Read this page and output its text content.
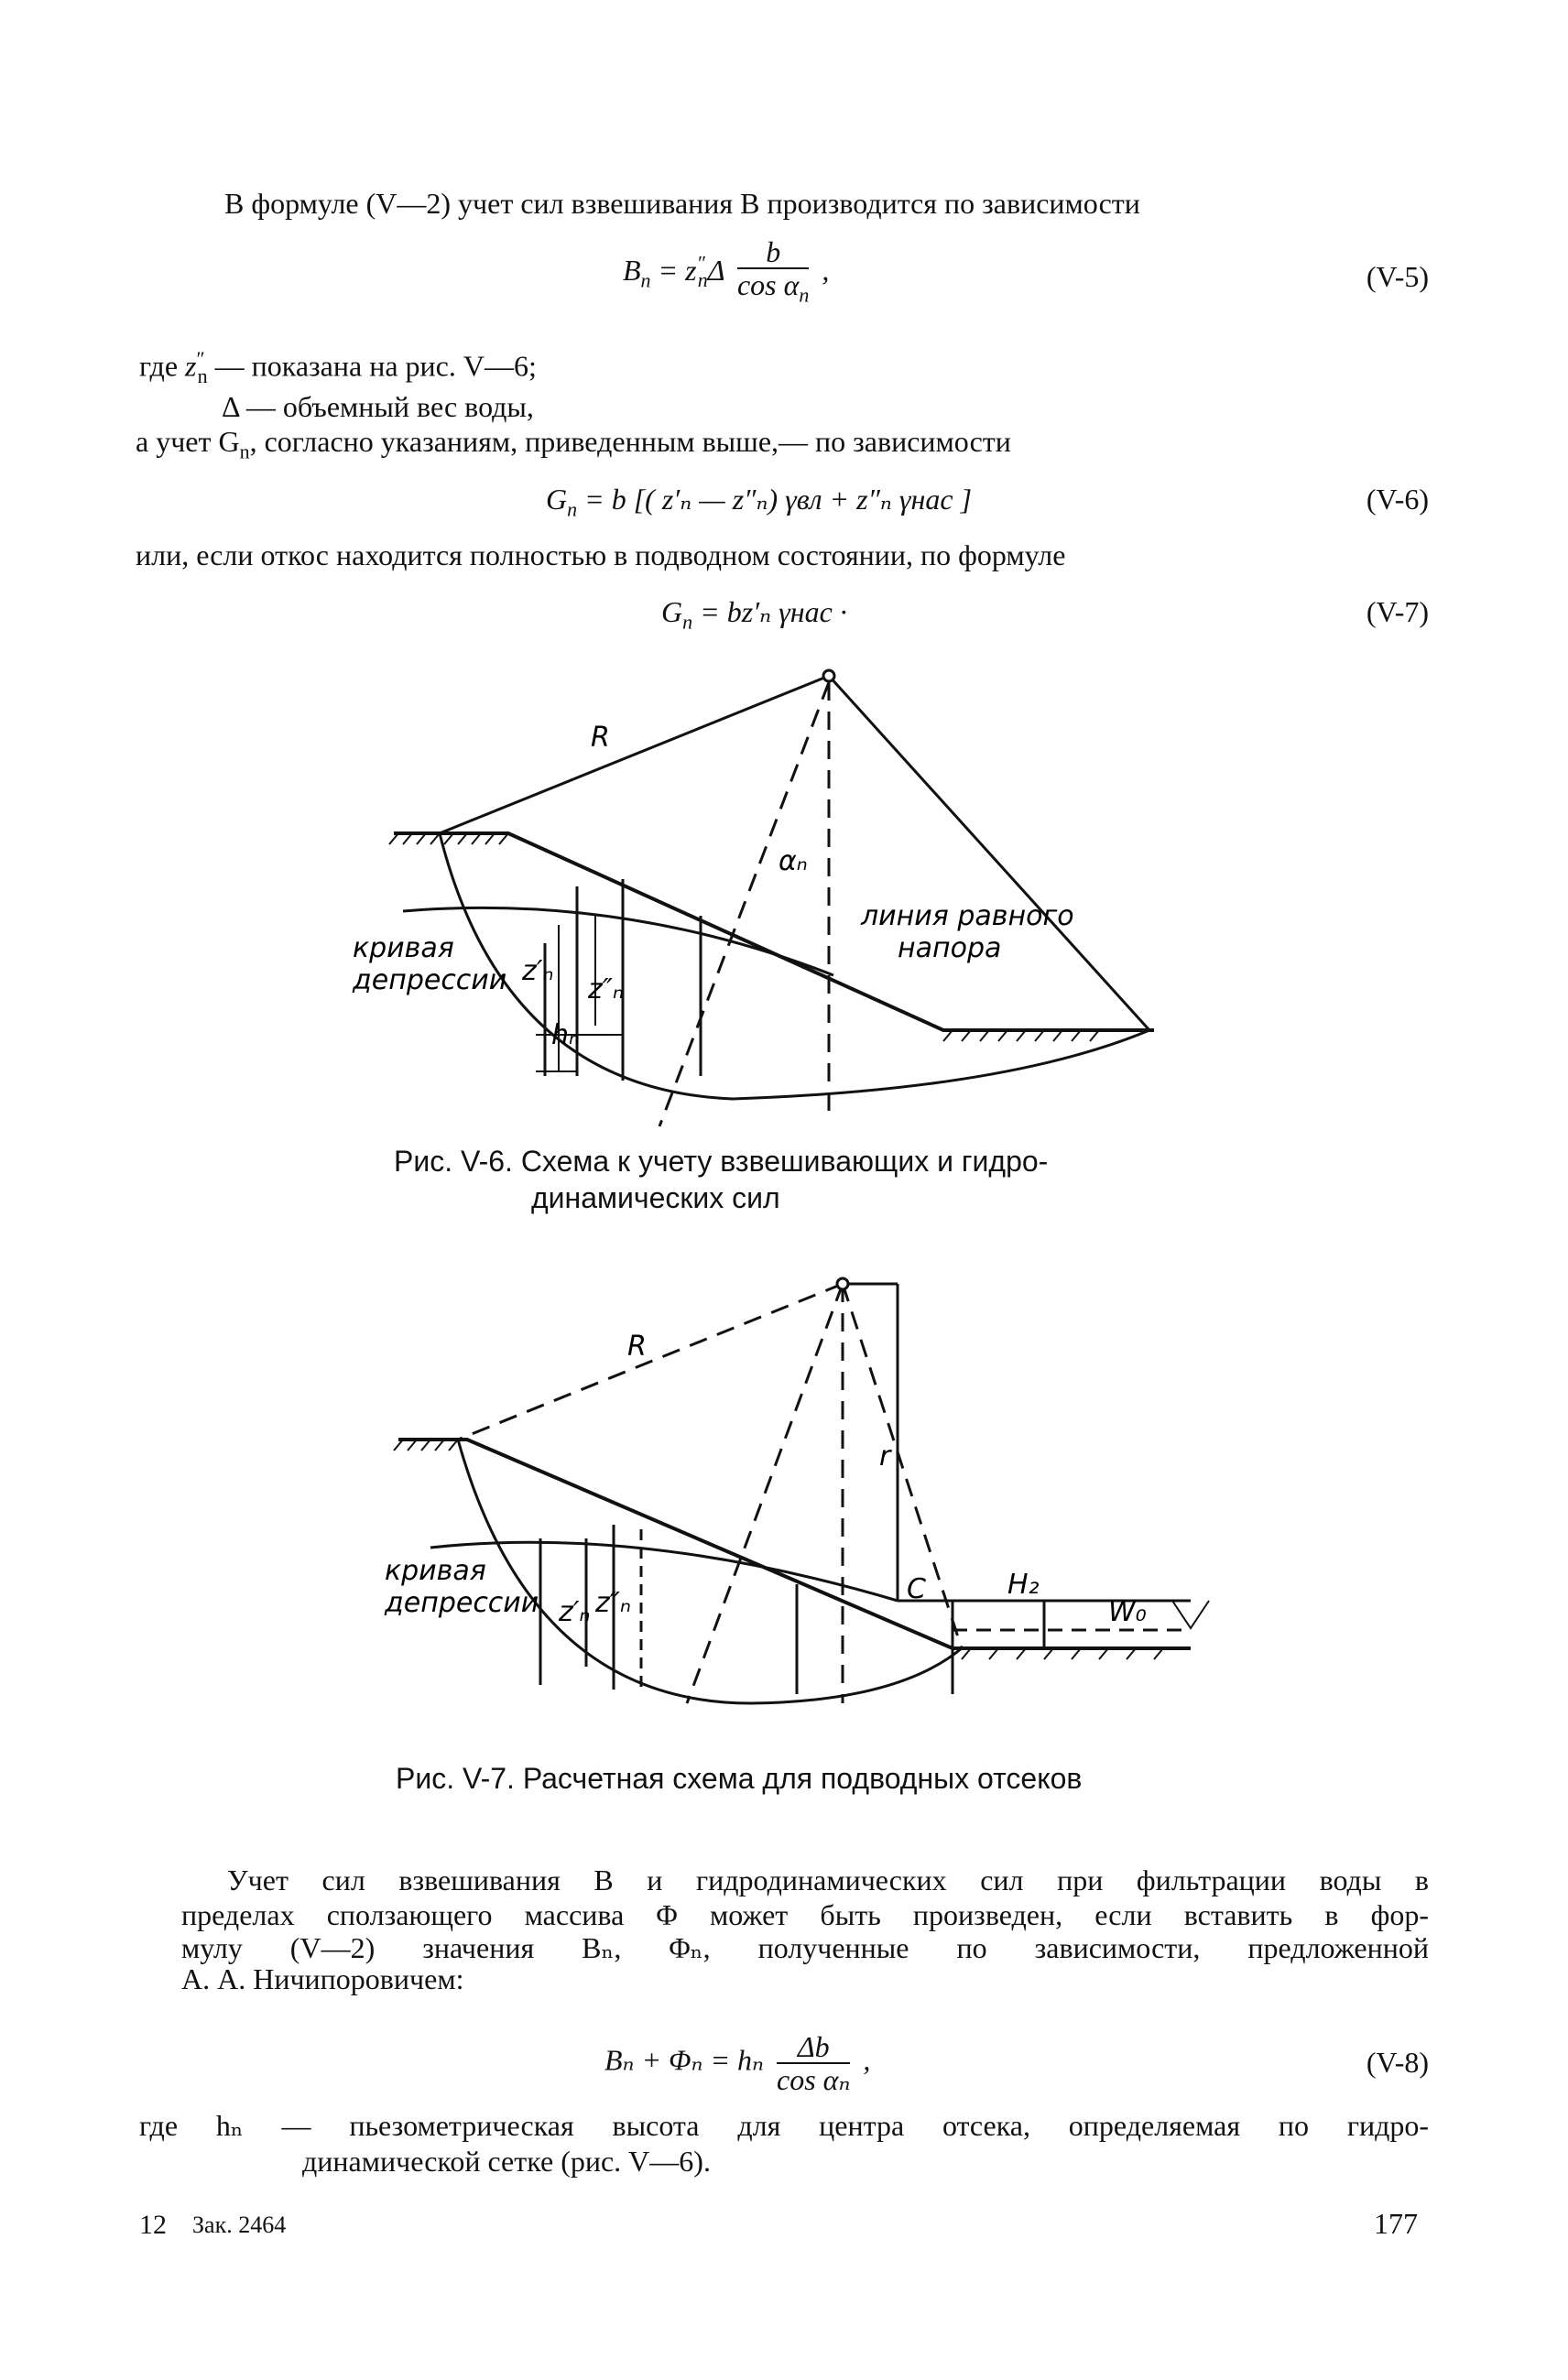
В формуле (V—2) учет сил взвешивания B производится по зависимости
$B_n = z''_n\Delta \frac{b}{\cos \alpha_n}$ ,	(V-5)
где $z''_n$ — показана на рис. V—6;
Δ — объемный вес воды,
а учет $G_n$, согласно указаниям, приведенным выше,— по зависимости
$G_n = b$ [( z′ₙ — z″ₙ) γвл + z″ₙ γнас ]	(V-6)
или, если откос находится полностью в подводном состоянии, по формуле
$G_n = bz'_n$ γнас ·	(V-7)
R
αₙ
линия равного
напора
кривая
депрессии z′ₙ
z″ₙ
hₙ
Рис. V-6. Схема к учету взвешивающих и гидро-
динамических сил
R
r
C	H₂
W₀
кривая
депрессии z′ₙ z″ₙ
Рис. V-7. Расчетная схема для подводных отсеков
Учет сил взвешивания B и гидродинамических сил при фильтрации воды в
пределах сползающего массива Φ может быть произведен, если вставить в фор-
мулу (V—2) значения Bₙ, Φₙ, полученные по зависимости, предложенной
А. А. Ничипоровичем:
Bₙ + Φₙ = hₙ $\frac{\Delta b}{\text{cos αₙ}}$ ,	(V-8)
где hₙ — пьезометрическая высота для центра отсека, определяемая по гидро-
динамической сетке (рис. V—6).
12 Зак. 2464	177
